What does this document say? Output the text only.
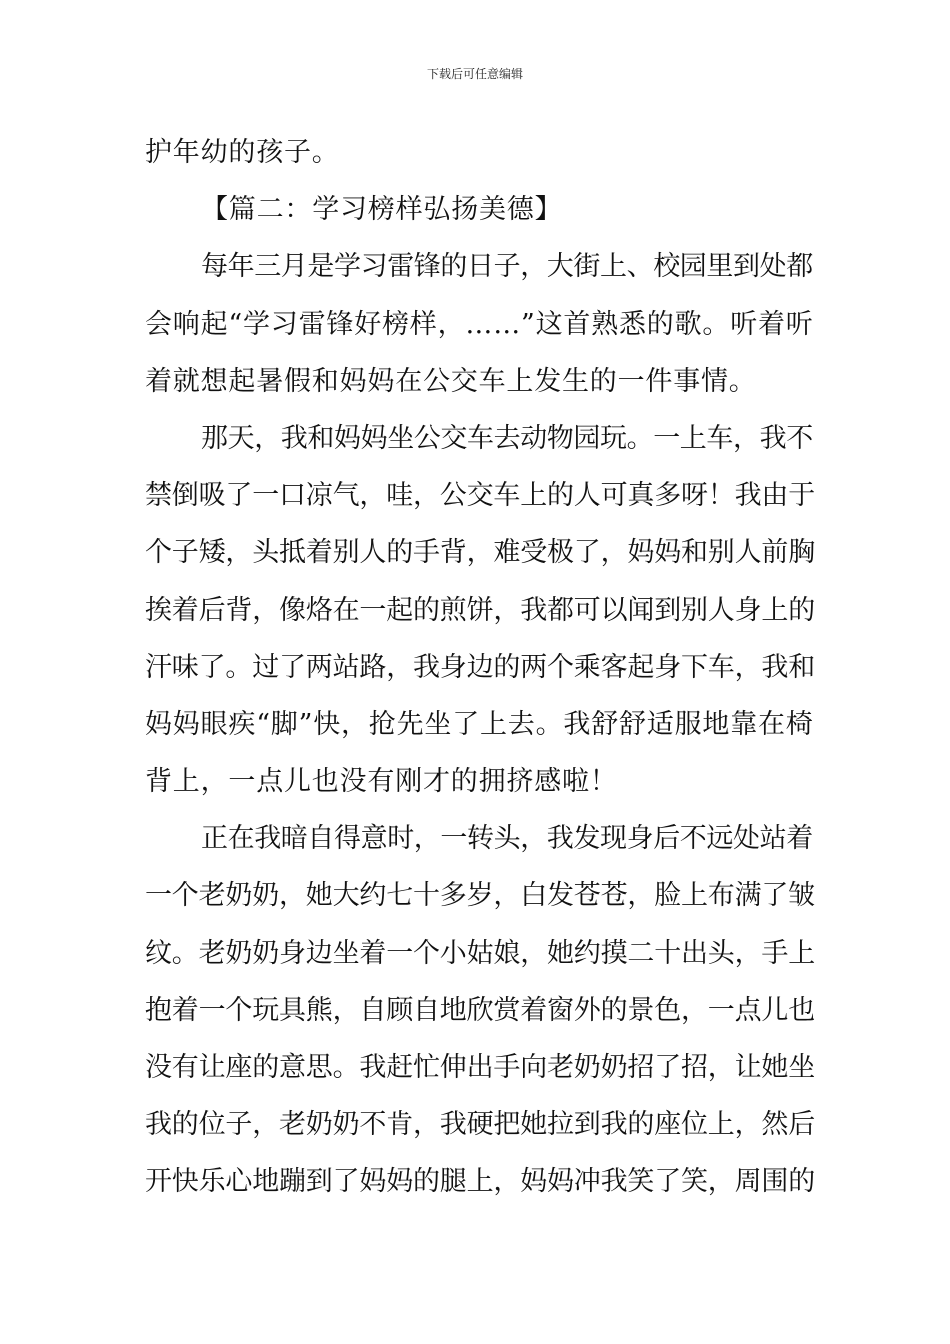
下载后可任意编辑
护年幼的孩子。
【篇二：学习榜样弘扬美德】
每年三月是学习雷锋的日子，大街上、校园里到处都
会响起“学习雷锋好榜样，……”这首熟悉的歌。听着听
着就想起暑假和妈妈在公交车上发生的一件事情。
那天，我和妈妈坐公交车去动物园玩。一上车，我不
禁倒吸了一口凉气，哇，公交车上的人可真多呀！我由于
个子矮，头抵着别人的手背，难受极了，妈妈和别人前胸
挨着后背，像烙在一起的煎饼，我都可以闻到别人身上的
汗味了。过了两站路，我身边的两个乘客起身下车，我和
妈妈眼疾“脚”快，抢先坐了上去。我舒舒适服地靠在椅
背上，一点儿也没有刚才的拥挤感啦！
正在我暗自得意时，一转头，我发现身后不远处站着
一个老奶奶，她大约七十多岁，白发苍苍，脸上布满了皱
纹。老奶奶身边坐着一个小姑娘，她约摸二十出头，手上
抱着一个玩具熊，自顾自地欣赏着窗外的景色，一点儿也
没有让座的意思。我赶忙伸出手向老奶奶招了招，让她坐
我的位子，老奶奶不肯，我硬把她拉到我的座位上，然后
开快乐心地蹦到了妈妈的腿上，妈妈冲我笑了笑，周围的
